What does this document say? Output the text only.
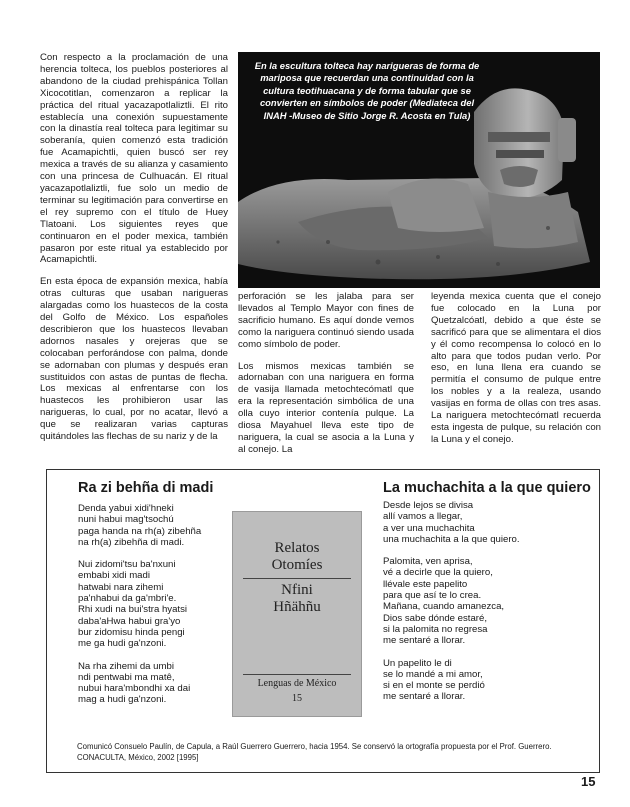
Con respecto a la proclamación de una herencia tolteca, los pueblos posteriores al abandono de la ciudad prehispánica Tollan Xicocotitlan, comenzaron a replicar la práctica del ritual yacazapotlaliztli. El rito establecía una conexión supuestamente con la dinastía real tolteca para legitimar su soberanía, quien comenzó esta tradición fue Acamapichtli, quien buscó ser rey mexica a través de su alianza y casamiento con una princesa de Culhuacán. El ritual yacazapotlaliztli, fue solo un medio de terminar su legitimación para convertirse en el rey supremo con el título de Huey Tlatoani. Los siguientes reyes que continuaron en el poder mexica, también pasaron por este ritual ya establecido por Acamapichtli.

En esta época de expansión mexica, había otras culturas que usaban narigueras alargadas como los huastecos de la costa del Golfo de México. Los españoles describieron que los huastecos llevaban adornos nasales y orejeras que se colocaban perforándose con palma, donde se adornaban con plumas y después eran sustituidos con astas de puntas de flecha. Los mexicas al enfrentarse con los huastecos les prohibieron usar las narigueras, lo cual, por no acatar, llevó a que se realizaran varias capturas quitándoles las flechas de su nariz y de la

En la escultura tolteca hay narigueras de forma de mariposa que recuerdan una continuidad con la cultura teotihuacana y de forma tabular que se convierten en símbolos de poder (Mediateca del INAH -Museo de Sitio Jorge R. Acosta en Tula)

perforación se les jalaba para ser llevados al Templo Mayor con fines de sacrificio humano. Es aquí donde vemos como la nariguera continuó siendo usada como símbolo de poder.

Los mismos mexicas también se adornaban con una nariguera en forma de vasija llamada metochtecómatl que era la representación simbólica de una olla cuyo interior contenía pulque. La diosa Mayahuel lleva este tipo de nariguera, la cual se asocia a la Luna y al conejo. La

leyenda mexica cuenta que el conejo fue colocado en la Luna por Quetzalcóatl, debido a que éste se sacrificó para que se alimentara el dios y él como recompensa lo colocó en lo alto para que todos pudan verlo. Por eso, en luna llena era cuando se permitía el consumo de pulque entre los nobles y a la realeza, usando vasijas en forma de ollas con tres asas. La nariguera metochtecómatl recuerda esta ingesta de pulque, su relación con la Luna y el conejo.

Ra zi behña di madi
Denda yabui xidi'hneki
nuni habui mag'tsochú
paga handa na rh(a) zibehña
na rh(a) zibehña di madi.
Nui zidomi'tsu ba'nxuni
embabi xidi madi
hatwabi nara zihemi
pa'nhabui da ga'mbri'e.
Rhi xudi na bui'stra hyatsi
daba'aHwa habui gra'yo
bur zidomisu hinda pengi
me ga hudi ga'nzoni.
Na rha zihemi da umbi
ndi pentwabi ma matê,
nubui hara'mbondhi xa dai
mag a hudi ga'nzoni.
Relatos
Otomíes
Nfini
Hñähñu
Lenguas de México
15
La muchachita a la que quiero
Desde lejos se divisa
allí vamos a llegar,
a ver una muchachita
una muchachita a la que quiero.
Palomita, ven aprisa,
vé a decirle que la quiero,
llévale este papelito
para que así te lo crea.
Mañana, cuando amanezca,
Dios sabe dónde estaré,
si la palomita no regresa
me sentaré a llorar.
Un papelito le di
se lo mandé a mi amor,
si en el monte se perdió
me sentaré a llorar.
Comunicó Consuelo Paulín, de Capula, a Raúl Guerrero Guerrero, hacia 1954. Se conservó la ortografía propuesta por el Prof. Guerrero.
CONACULTA, México, 2002 [1995]
15
